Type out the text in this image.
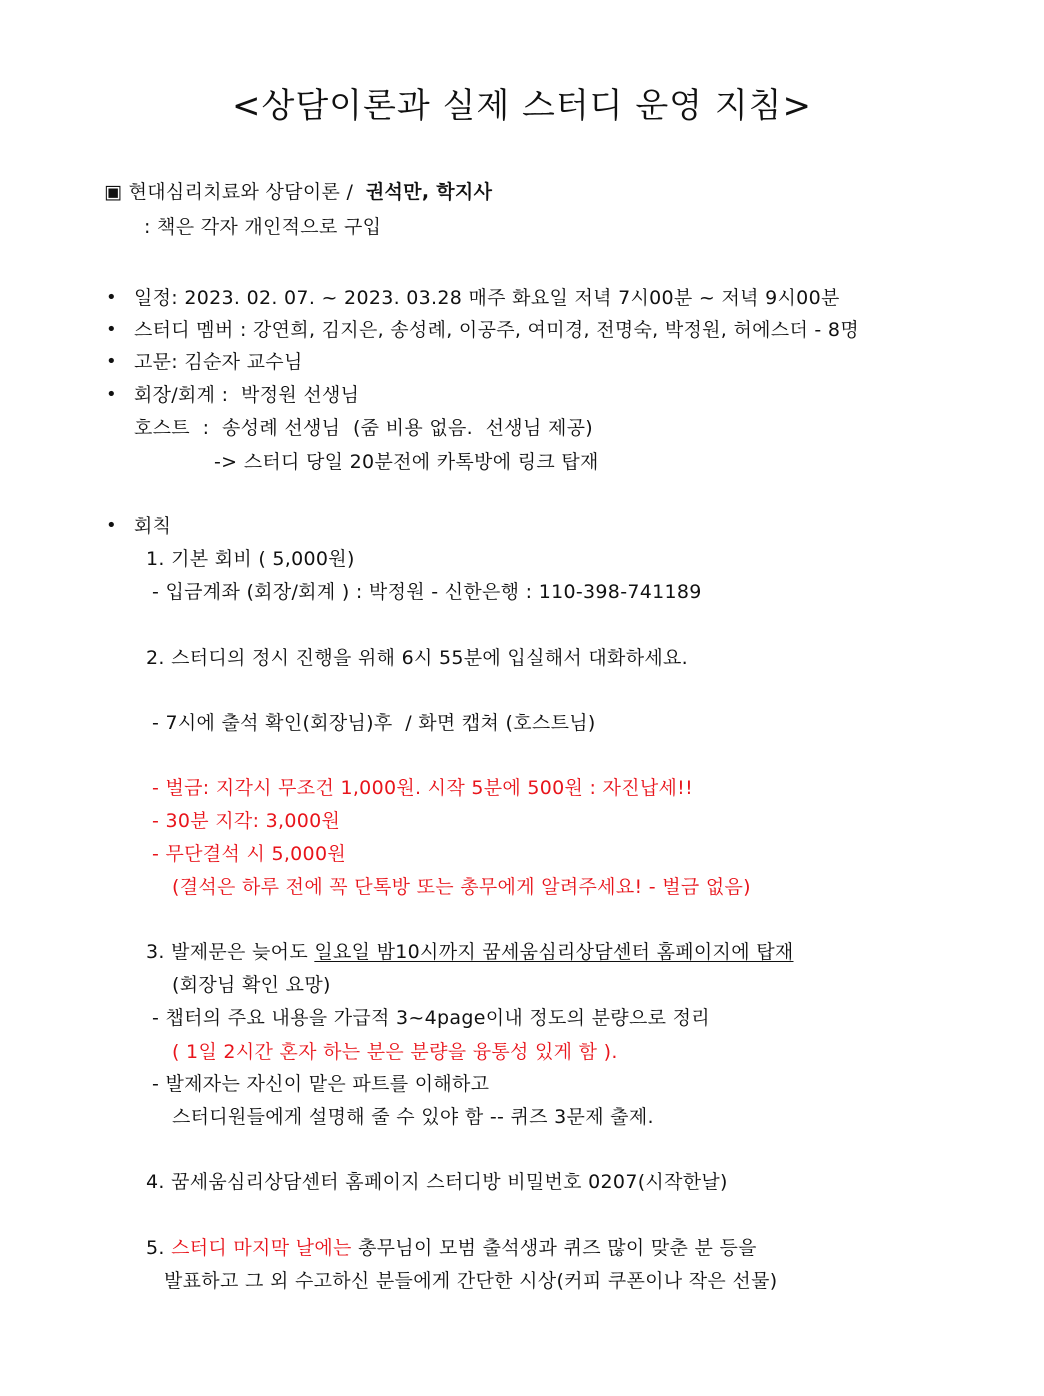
<상담이론과 실제 스터디 운영 지침>
▣ 현대심리치료와 상담이론 / 권석만, 학지사
: 책은 각자 개인적으로 구입
• 일정: 2023. 02. 07. ~ 2023. 03.28 매주 화요일 저녁 7시00분 ~ 저녁 9시00분
• 스터디 멤버 : 강연희, 김지은, 송성례, 이공주, 여미경, 전명숙, 박정원, 허에스더 - 8명
• 고문: 김순자 교수님
• 회장/회계 :  박정원 선생님
호스트  :  송성례 선생님  (줌 비용 없음.  선생님 제공)
-> 스터디 당일 20분전에 카톡방에 링크 탑재
• 회칙
1. 기본 회비 ( 5,000원)
- 입금계좌 (회장/회계 ) : 박정원 - 신한은행 : 110-398-741189
2. 스터디의 정시 진행을 위해 6시 55분에 입실해서 대화하세요.
- 7시에 출석 확인(회장님)후  / 화면 캡쳐 (호스트님)
- 벌금: 지각시 무조건 1,000원. 시작 5분에 500원 : 자진납세!!
- 30분 지각: 3,000원
- 무단결석 시 5,000원
(결석은 하루 전에 꼭 단톡방 또는 총무에게 알려주세요! - 벌금 없음)
3. 발제문은 늦어도 일요일 밤10시까지 꿈세움심리상담센터 홈페이지에 탑재
(회장님 확인 요망)
- 챕터의 주요 내용을 가급적 3~4page이내 정도의 분량으로 정리
( 1일 2시간 혼자 하는 분은 분량을 융통성 있게 함 ).
- 발제자는 자신이 맡은 파트를 이해하고
스터디원들에게 설명해 줄 수 있야 함 -- 퀴즈 3문제 출제.
4. 꿈세움심리상담센터 홈페이지 스터디방 비밀번호 0207(시작한날)
5. 스터디 마지막 날에는 총무님이 모범 출석생과 퀴즈 많이 맞춘 분 등을
발표하고 그 외 수고하신 분들에게 간단한 시상(커피 쿠폰이나 작은 선물)
